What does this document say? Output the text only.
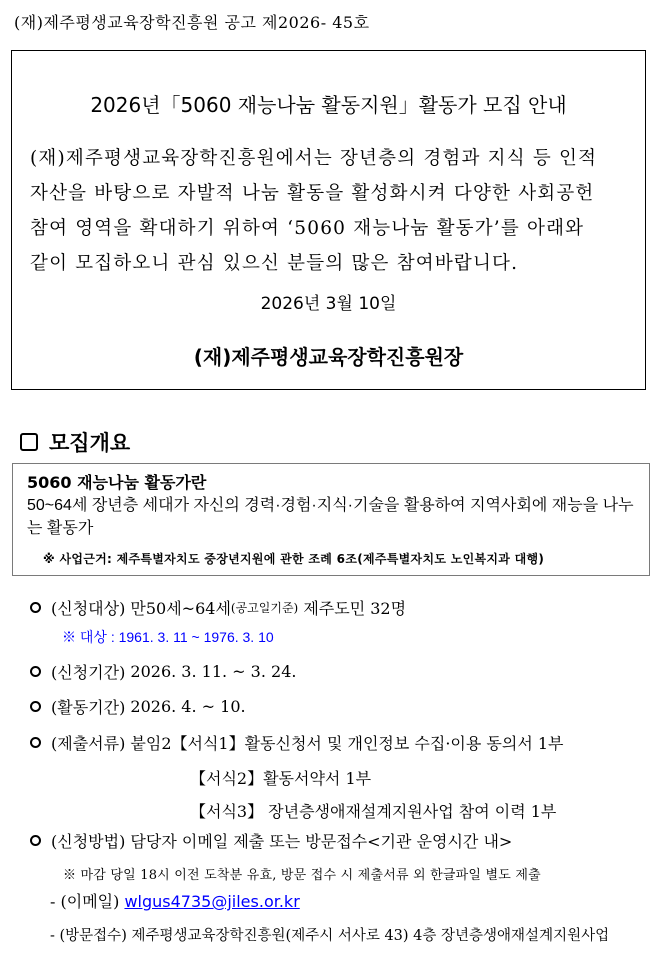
(재)제주평생교육장학진흥원 공고 제2026- 45호
2026년「5060 재능나눔 활동지원」활동가 모집 안내
(재)제주평생교육장학진흥원에서는 장년층의 경험과 지식 등 인적
자산을 바탕으로 자발적 나눔 활동을 활성화시켜 다양한 사회공헌
참여 영역을 확대하기 위하여 ‘5060 재능나눔 활동가’를 아래와
같이 모집하오니 관심 있으신 분들의 많은 참여바랍니다.
2026년 3월 10일
(재)제주평생교육장학진흥원장
모집개요
5060 재능나눔 활동가란
50~64세 장년층 세대가 자신의 경력·경험·지식·기술을 활용하여 지역사회에 재능을 나누는 활동가
※ 사업근거: 제주특별자치도 중장년지원에 관한 조례 6조(제주특별자치도 노인복지과 대행)
(신청대상)
만50세~64세 (공고일기준)
제주도민 32명
※ 대상 : 1961. 3. 11 ~ 1976. 3. 10
(신청기간)
2026. 3. 11. ~ 3. 24.
(활동기간)
2026. 4. ~ 10.
(제출서류)
붙임2 【서식1】활동신청서 및 개인정보 수집·이용 동의서 1부
【서식2】활동서약서 1부
【서식3】 장년층생애재설계지원사업 참여 이력 1부
(신청방법)
담당자 이메일 제출 또는 방문접수<기관 운영시간 내>
※ 마감 당일 18시 이전 도착분 유효, 방문 접수 시 제출서류 외 한글파일 별도 제출
- (이메일) wlgus4735@jiles.or.kr
- (방문접수) 제주평생교육장학진흥원(제주시 서사로 43) 4층 장년층생애재설계지원사업
